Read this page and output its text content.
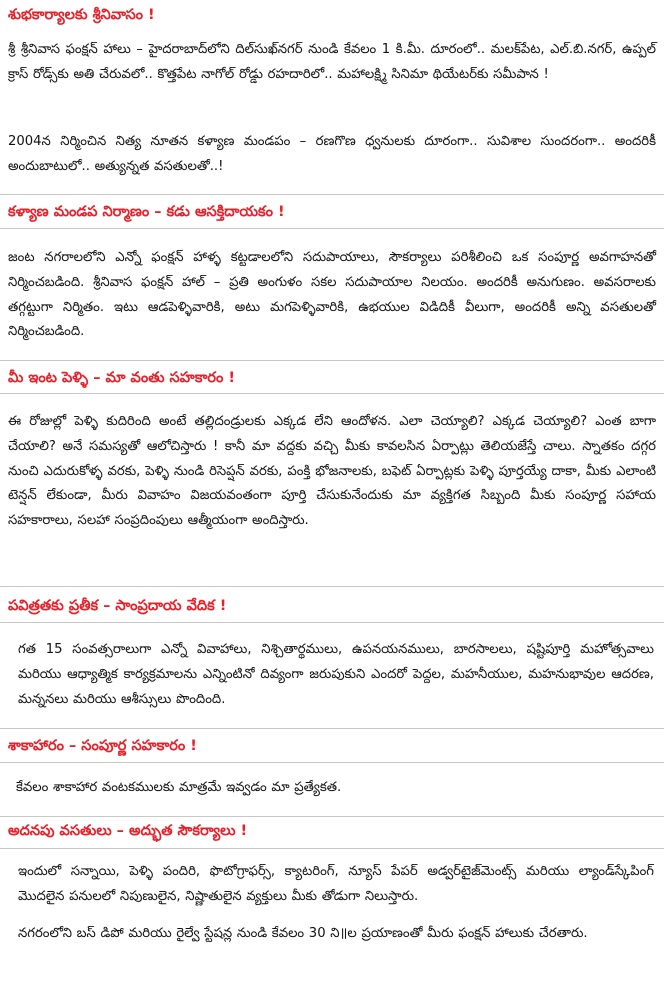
శుభకార్యాలకు శ్రీనివాసం !

శ్రీ శ్రీనివాస ఫంక్షన్ హాలు – హైదరాబాద్‌లోని దిల్‌సుఖ్‌నగర్ నుండి కేవలం 1 కి.మీ. దూరంలో.. మలక్‌పేట, ఎల్.బి.నగర్, ఉప్పల్ క్రాస్ రోడ్స్‌కు అతి చేరువలో.. కొత్తపేట నాగోల్ రోడ్డు రహదారిలో.. మహాలక్ష్మి సినిమా థియేటర్‌కు సమీపాన !

2004న నిర్మించిన నిత్య నూతన కళ్యాణ మండపం – రణగొణ ధ్వనులకు దూరంగా.. సువిశాల సుందరంగా.. అందరికీ అందుబాటులో.. అత్యున్నత వసతులతో..!

కళ్యాణ మండప నిర్మాణం – కడు ఆసక్తిదాయకం !

జంట నగరాలలోని ఎన్నో ఫంక్షన్ హాళ్ళ కట్టడాలలోని సదుపాయాలు, సౌకర్యాలు పరిశీలించి ఒక సంపూర్ణ అవగాహనతో నిర్మించబడింది. శ్రీనివాస ఫంక్షన్ హాల్ – ప్రతి అంగుళం సకల సదుపాయాల నిలయం. అందరికీ అనుగుణం. అవసరాలకు తగ్గట్టుగా నిర్మితం. ఇటు ఆడపెళ్ళివారికి, అటు మగపెళ్ళివారికి, ఉభయుల విడిదికీ వీలుగా, అందరికీ అన్ని వసతులతో నిర్మించబడింది.

మీ ఇంట పెళ్ళి – మా వంతు సహకారం !

ఈ రోజుల్లో పెళ్ళి కుదిరింది అంటే తల్లిదండ్రులకు ఎక్కడ లేని ఆందోళన. ఎలా చెయ్యాలి? ఎక్కడ చెయ్యాలి? ఎంత బాగా చేయాలి? అనే సమస్యతో ఆలోచిస్తారు ! కానీ మా వద్దకు వచ్చి మీకు కావలసిన ఏర్పాట్లు తెలియజేస్తే చాలు. స్నాతకం దగ్గర నుంచి ఎదురుకోళ్ళ వరకు, పెళ్ళి నుండి రిసెప్షన్ వరకు, పంక్తి భోజనాలకు, బఫెట్ ఏర్పాట్లకు పెళ్ళి పూర్తయ్యే దాకా, మీకు ఎలాంటి టెన్షన్ లేకుండా, మీరు వివాహం విజయవంతంగా పూర్తి చేసుకునేందుకు మా వ్యక్తిగత సిబ్బంది మీకు సంపూర్ణ సహాయ సహకారాలు, సలహా సంప్రదింపులు ఆత్మీయంగా అందిస్తారు.

పవిత్రతకు ప్రతీక – సాంప్రదాయ వేదిక !

గత 15 సంవత్సరాలుగా ఎన్నో వివాహాలు, నిశ్చితార్థములు, ఉపనయనములు, బారసాలలు, షష్టిపూర్తి మహోత్సవాలు మరియు ఆధ్యాత్మిక కార్యక్రమాలను ఎన్నింటినో దివ్యంగా జరుపుకుని ఎందరో పెద్దల, మహనీయుల, మహనుభావుల ఆదరణ, మన్ననలు మరియు ఆశీస్సులు పొందింది.

శాకాహారం – సంపూర్ణ సహకారం !

కేవలం శాకాహార వంటకములకు మాత్రమే ఇవ్వడం మా ప్రత్యేకత.

అదనపు వసతులు – అద్భుత సౌకర్యాలు !

ఇందులో సన్నాయి, పెళ్ళి పందిరి, ఫొటోగ్రాఫర్స్, క్యాటరింగ్, న్యూస్ పేపర్ అడ్వర్‌టైజ్‌మెంట్స్ మరియు ల్యాండ్‌స్కేపింగ్ మొదలైన పనులలో నిపుణులైన, నిష్ణాతులైన వ్యక్తులు మీకు తోడుగా నిలుస్తారు.

నగరంలోని బస్ డిపో మరియు రైల్వే స్టేషన్ల నుండి కేవలం 30 ని॥ల ప్రయాణంతో మీరు ఫంక్షన్ హాలుకు చేరతారు.
